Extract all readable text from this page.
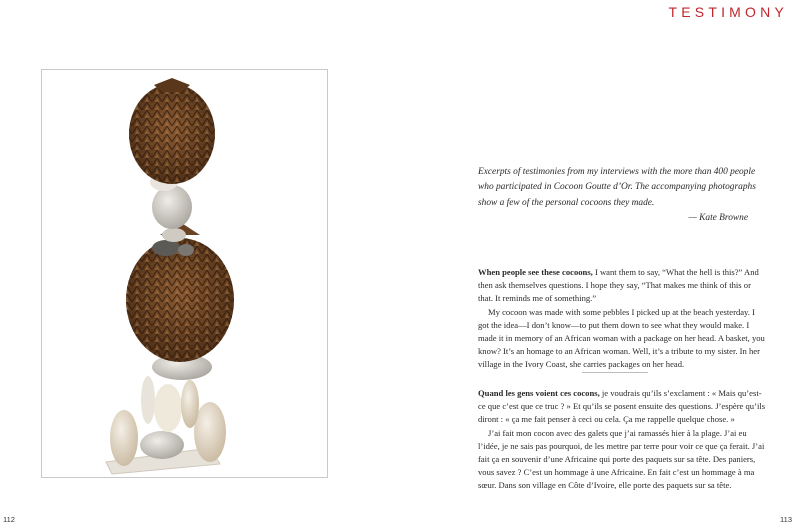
TESTIMONY
Excerpts of testimonies from my interviews with the more than 400 people who participated in Cocoon Goutte d’Or. The accompanying photographs show a few of the personal cocoons they made.
— Kate Browne

When people see these cocoons, I want them to say, “What the hell is this?” And then ask themselves questions. I hope they say, “That makes me think of this or that. It reminds me of something.”

My cocoon was made with some pebbles I picked up at the beach yesterday. I got the idea—I don’t know—to put them down to see what they would make. I made it in memory of an African woman with a package on her head. A basket, you know? It’s an homage to an African woman. Well, it’s a tribute to my sister. In her village in the Ivory Coast, she carries packages on her head.

Quand les gens voient ces cocons, je voudrais qu’ils s’exclament : « Mais qu’est-ce que c’est que ce truc ? » Et qu’ils se posent ensuite des questions. J’espère qu’ils diront : « ça me fait penser à ceci ou cela. Ça me rappelle quelque chose. »

J’ai fait mon cocon avec des galets que j’ai ramassés hier à la plage. J’ai eu l’idée, je ne sais pas pourquoi, de les mettre par terre pour voir ce que ça ferait. J’ai fait ça en souvenir d’une Africaine qui porte des paquets sur sa tête. Des paniers, vous savez ? C’est un hommage à une Africaine. En fait c’est un hommage à ma sœur. Dans son village en Côte d’Ivoire, elle porte des paquets sur sa tête.

112	113
